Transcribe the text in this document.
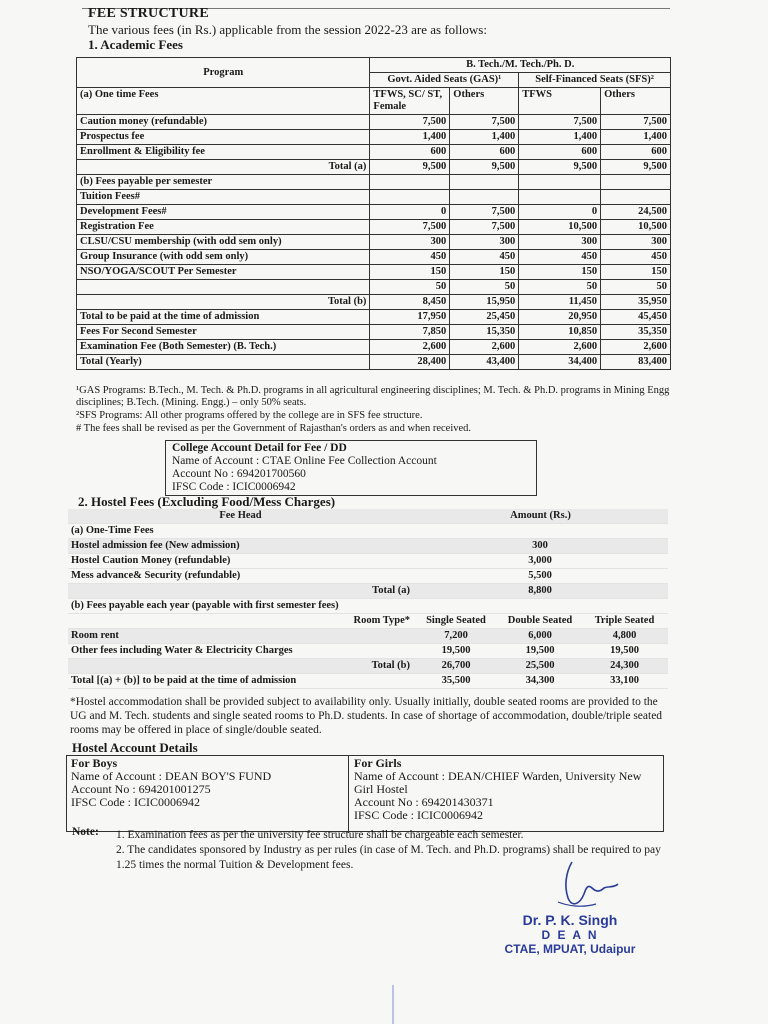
FEE STRUCTURE
The various fees (in Rs.) applicable from the session 2022-23 are as follows:
1. Academic Fees
Program	B. Tech./M. Tech./Ph. D.			
	Govt. Aided Seats (GAS)¹		Self-Financed Seats (SFS)²	
(a) One time Fees	TFWS, SC/ ST, Female	Others	TFWS	Others
Caution money (refundable)	7,500	7,500	7,500	7,500
Prospectus fee	1,400	1,400	1,400	1,400
Enrollment & Eligibility fee	600	600	600	600
Total (a)	9,500	9,500	9,500	9,500
(b) Fees payable per semester				
Tuition Fees#				
Development Fees#	0	7,500	0	24,500
Registration Fee	7,500	7,500	10,500	10,500
CLSU/CSU membership (with odd sem only)	300	300	300	300
Group Insurance (with odd sem only)	450	450	450	450
NSO/YOGA/SCOUT Per Semester	150	150	150	150
	50	50	50	50
Total (b)	8,450	15,950	11,450	35,950
Total to be paid at the time of admission	17,950	25,450	20,950	45,450
Fees For Second Semester	7,850	15,350	10,850	35,350
Examination Fee (Both Semester) (B. Tech.)	2,600	2,600	2,600	2,600
Total (Yearly)	28,400	43,400	34,400	83,400
¹GAS Programs: B.Tech., M. Tech. & Ph.D. programs in all agricultural engineering disciplines; M. Tech. & Ph.D. programs in Mining Engg disciplines; B.Tech. (Mining. Engg.) – only 50% seats.
²SFS Programs: All other programs offered by the college are in SFS fee structure.
# The fees shall be revised as per the Government of Rajasthan's orders as and when received.
College Account Detail for Fee / DD
Name of Account : CTAE Online Fee Collection Account
Account No : 694201700560
IFSC Code : ICIC0006942
2. Hostel Fees (Excluding Food/Mess Charges)
Fee Head	Amount (Rs.)		
(a) One-Time Fees			
Hostel admission fee (New admission)		300	
Hostel Caution Money (refundable)		3,000	
Mess advance& Security (refundable)		5,500	
Total (a)		8,800	
(b) Fees payable each year (payable with first semester fees)			
Room Type*	Single Seated	Double Seated	Triple Seated
Room rent	7,200	6,000	4,800
Other fees including Water & Electricity Charges	19,500	19,500	19,500
Total (b)	26,700	25,500	24,300
Total [(a) + (b)] to be paid at the time of admission	35,500	34,300	33,100
*Hostel accommodation shall be provided subject to availability only. Usually initially, double seated rooms are provided to the UG and M. Tech. students and single seated rooms to Ph.D. students. In case of shortage of accommodation, double/triple seated rooms may be offered in place of single/double seated.
Hostel Account Details
For Boys
Name of Account : DEAN BOY'S FUND
Account No : 694201001275
IFSC Code : ICIC0006942
For Girls
Name of Account : DEAN/CHIEF Warden, University New Girl Hostel
Account No : 694201430371
IFSC Code : ICIC0006942
Note: 1. Examination fees as per the university fee structure shall be chargeable each semester.
2. The candidates sponsored by Industry as per rules (in case of M. Tech. and Ph.D. programs) shall be required to pay 1.25 times the normal Tuition & Development fees.
Dr. P. K. Singh
D E A N
CTAE, MPUAT, Udaipur
